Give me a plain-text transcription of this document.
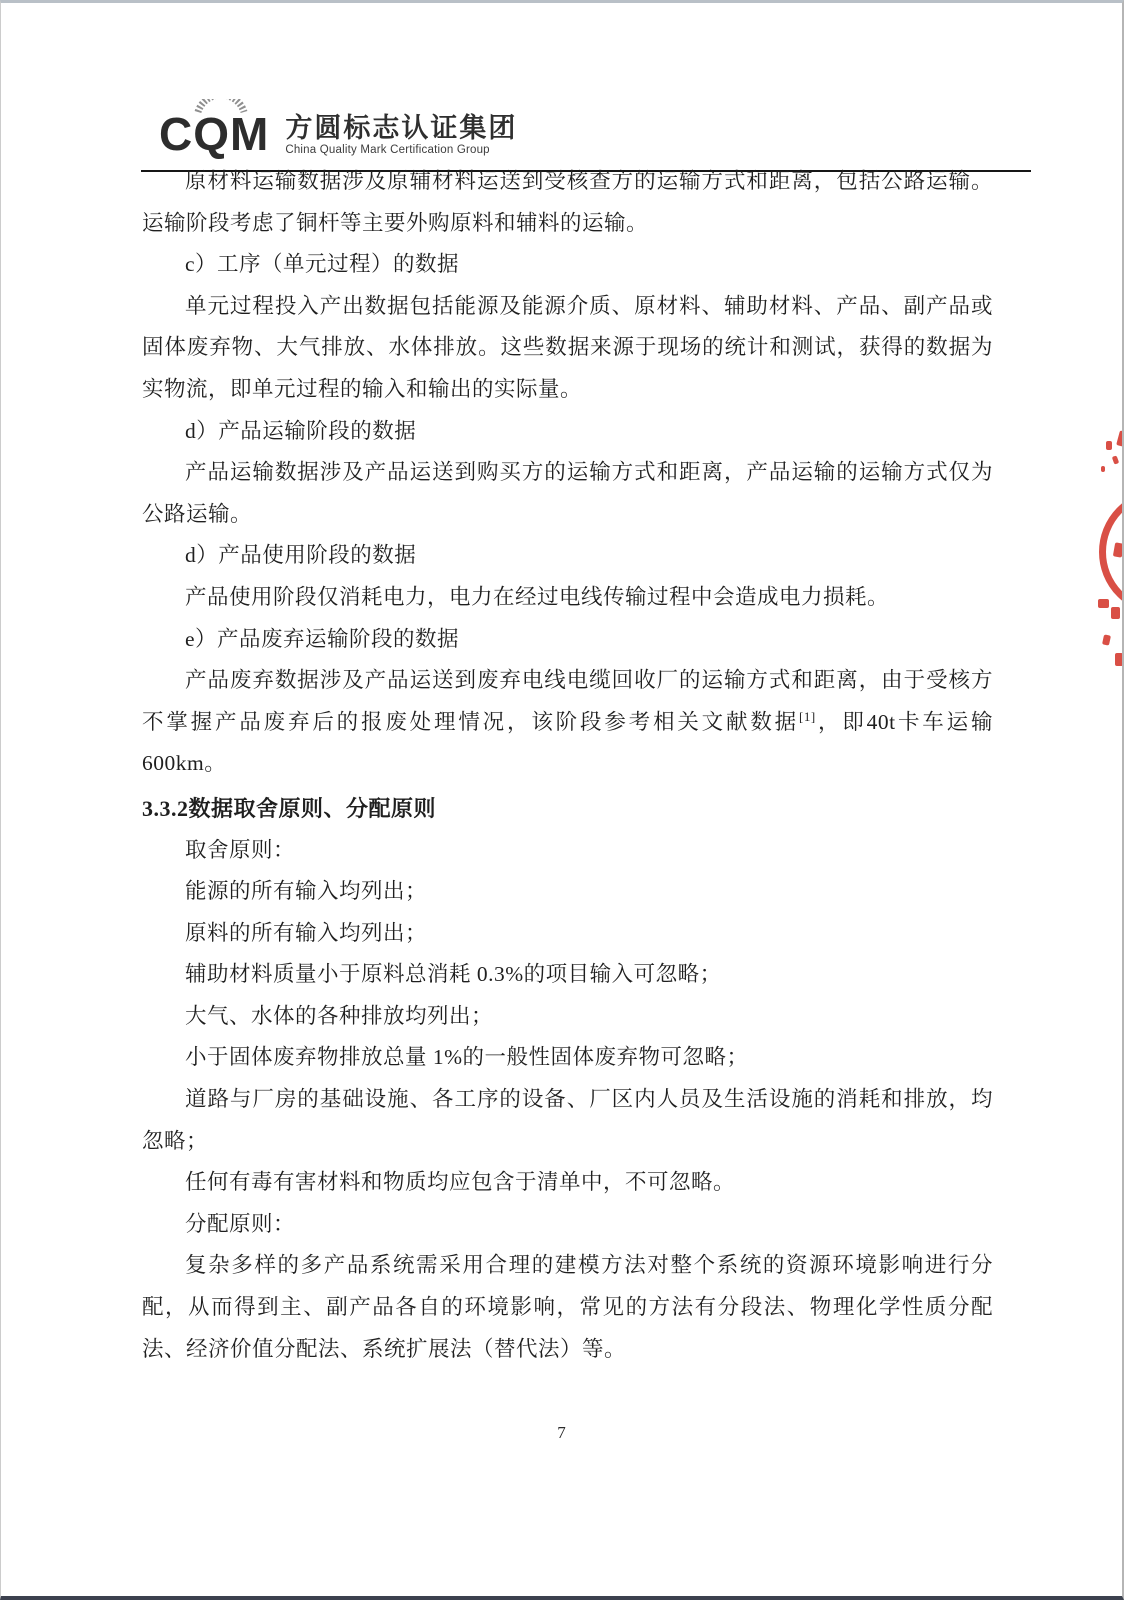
CQM 方圆标志认证集团
China Quality Mark Certification Group

原材料运输数据涉及原辅材料运送到受核查方的运输方式和距离，包括公路运输。运输阶段考虑了铜杆等主要外购原料和辅料的运输。

c）工序（单元过程）的数据

单元过程投入产出数据包括能源及能源介质、原材料、辅助材料、产品、副产品或固体废弃物、大气排放、水体排放。这些数据来源于现场的统计和测试，获得的数据为实物流，即单元过程的输入和输出的实际量。

d）产品运输阶段的数据

产品运输数据涉及产品运送到购买方的运输方式和距离，产品运输的运输方式仅为公路运输。

d）产品使用阶段的数据

产品使用阶段仅消耗电力，电力在经过电线传输过程中会造成电力损耗。

e）产品废弃运输阶段的数据

产品废弃数据涉及产品运送到废弃电线电缆回收厂的运输方式和距离，由于受核方不掌握产品废弃后的报废处理情况，该阶段参考相关文献数据[1]，即40t卡车运输600km。

3.3.2数据取舍原则、分配原则

取舍原则：

能源的所有输入均列出；

原料的所有输入均列出；

辅助材料质量小于原料总消耗 0.3%的项目输入可忽略；

大气、水体的各种排放均列出；

小于固体废弃物排放总量 1%的一般性固体废弃物可忽略；

道路与厂房的基础设施、各工序的设备、厂区内人员及生活设施的消耗和排放，均忽略；

任何有毒有害材料和物质均应包含于清单中，不可忽略。

分配原则：

复杂多样的多产品系统需采用合理的建模方法对整个系统的资源环境影响进行分配，从而得到主、副产品各自的环境影响，常见的方法有分段法、物理化学性质分配法、经济价值分配法、系统扩展法（替代法）等。

7
